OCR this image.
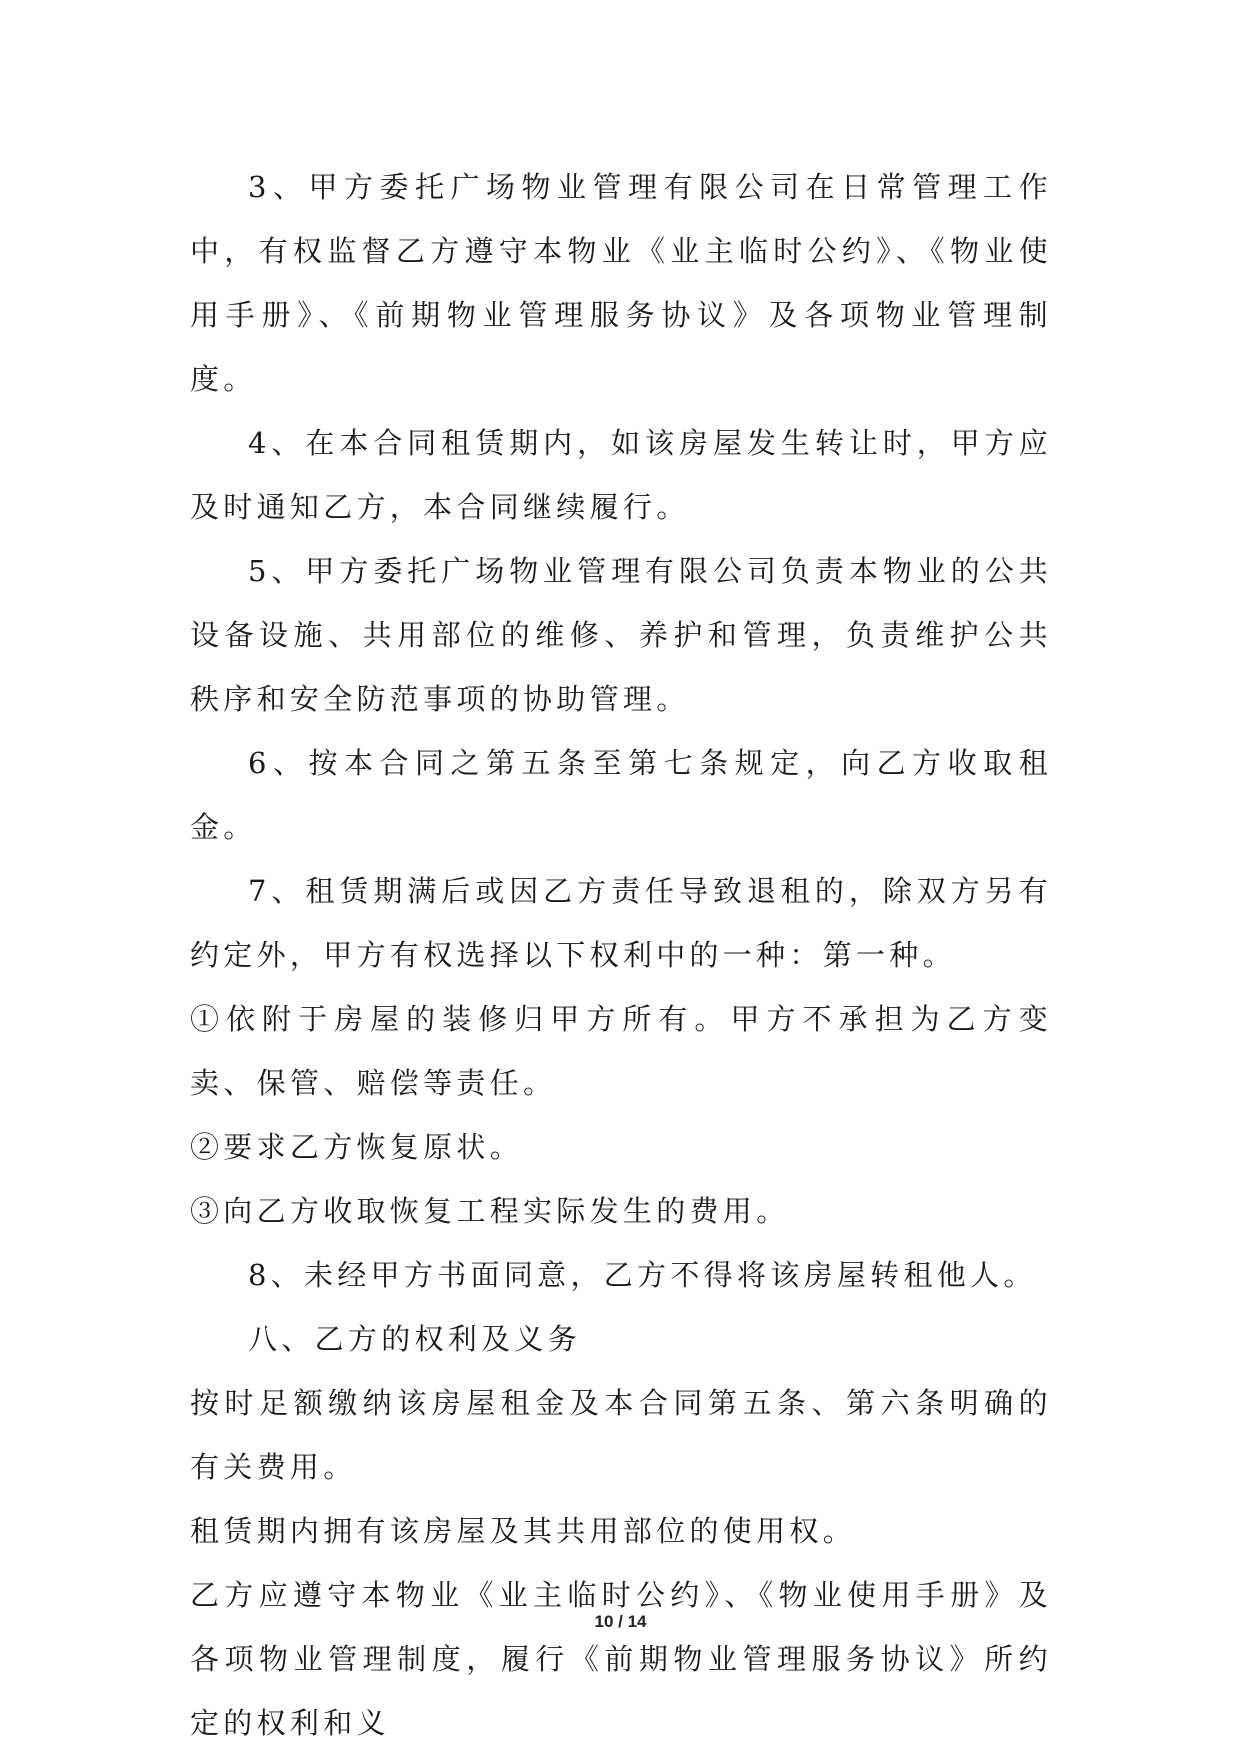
3、甲方委托广场物业管理有限公司在日常管理工作中，有权监督乙方遵守本物业《业主临时公约》、《物业使用手册》、《前期物业管理服务协议》及各项物业管理制度。

4、在本合同租赁期内，如该房屋发生转让时，甲方应及时通知乙方，本合同继续履行。

5、甲方委托广场物业管理有限公司负责本物业的公共设备设施、共用部位的维修、养护和管理，负责维护公共秩序和安全防范事项的协助管理。

6、按本合同之第五条至第七条规定，向乙方收取租金。

7、租赁期满后或因乙方责任导致退租的，除双方另有约定外，甲方有权选择以下权利中的一种：第一种。

①依附于房屋的装修归甲方所有。甲方不承担为乙方变卖、保管、赔偿等责任。

②要求乙方恢复原状。

③向乙方收取恢复工程实际发生的费用。

8、未经甲方书面同意，乙方不得将该房屋转租他人。

八、乙方的权利及义务

按时足额缴纳该房屋租金及本合同第五条、第六条明确的有关费用。

租赁期内拥有该房屋及其共用部位的使用权。

乙方应遵守本物业《业主临时公约》、《物业使用手册》及各项物业管理制度，履行《前期物业管理服务协议》所约定的权利和义

10 / 14
